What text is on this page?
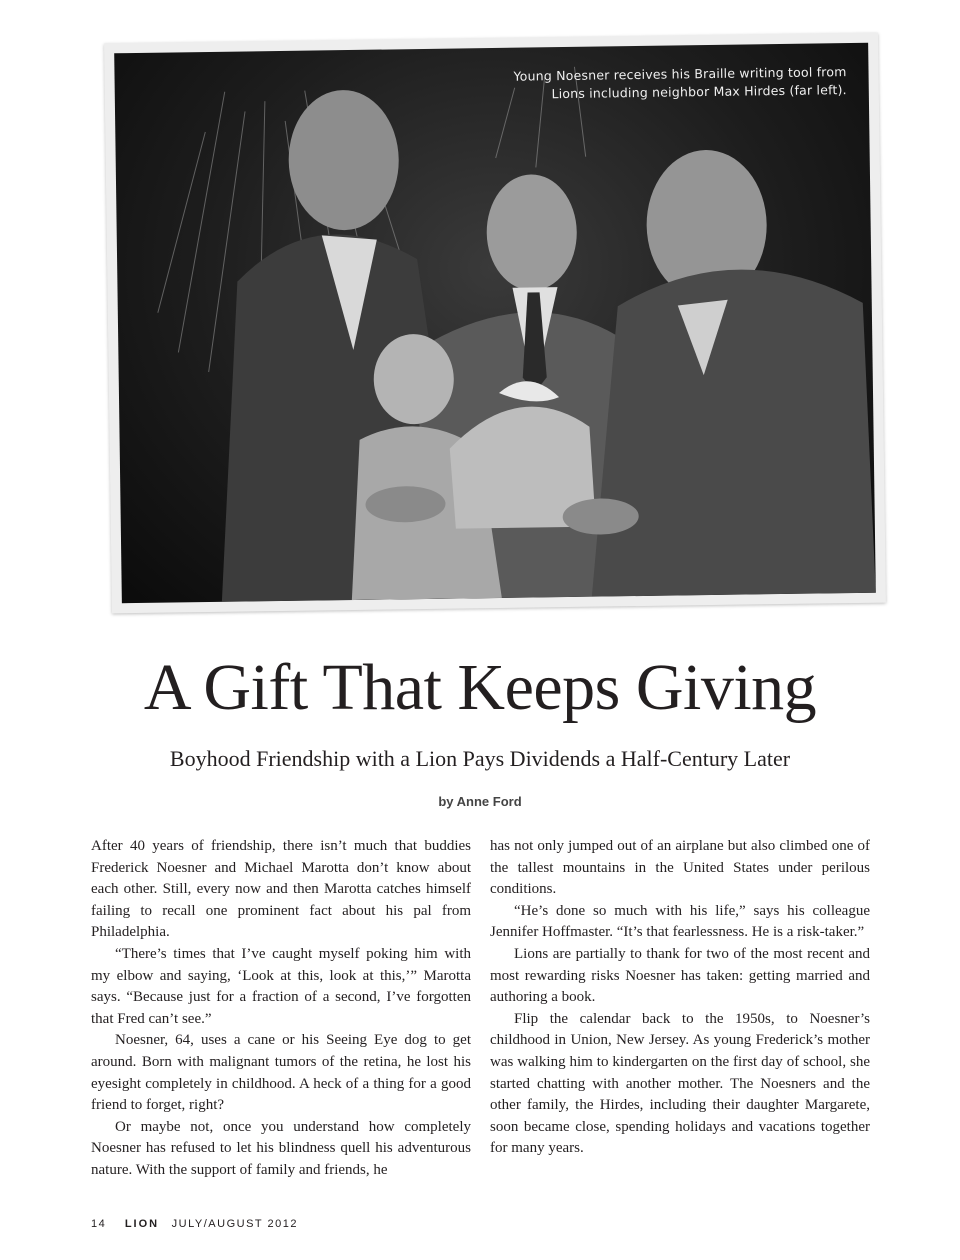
Young Noesner receives his Braille writing tool from
Lions including neighbor Max Hirdes (far left).
A Gift That Keeps Giving
Boyhood Friendship with a Lion Pays Dividends a Half-Century Later
by Anne Ford

After 40 years of friendship, there isn’t much that buddies Frederick Noesner and Michael Marotta don’t know about each other. Still, every now and then Marotta catches himself failing to recall one prominent fact about his pal from Philadelphia.

“There’s times that I’ve caught myself poking him with my elbow and saying, ‘Look at this, look at this,’” Marotta says. “Because just for a fraction of a second, I’ve forgotten that Fred can’t see.”

Noesner, 64, uses a cane or his Seeing Eye dog to get around. Born with malignant tumors of the retina, he lost his eyesight completely in childhood. A heck of a thing for a good friend to forget, right?

Or maybe not, once you understand how completely Noesner has refused to let his blindness quell his adventurous nature. With the support of family and friends, he

has not only jumped out of an airplane but also climbed one of the tallest mountains in the United States under perilous conditions.

“He’s done so much with his life,” says his colleague Jennifer Hoffmaster. “It’s that fearlessness. He is a risk-taker.”

Lions are partially to thank for two of the most recent and most rewarding risks Noesner has taken: getting married and authoring a book.

Flip the calendar back to the 1950s, to Noesner’s childhood in Union, New Jersey. As young Frederick’s mother was walking him to kindergarten on the first day of school, she started chatting with another mother. The Noesners and the other family, the Hirdes, including their daughter Margarete, soon became close, spending holidays and vacations together for many years.

14 LION JULY/AUGUST 2012
